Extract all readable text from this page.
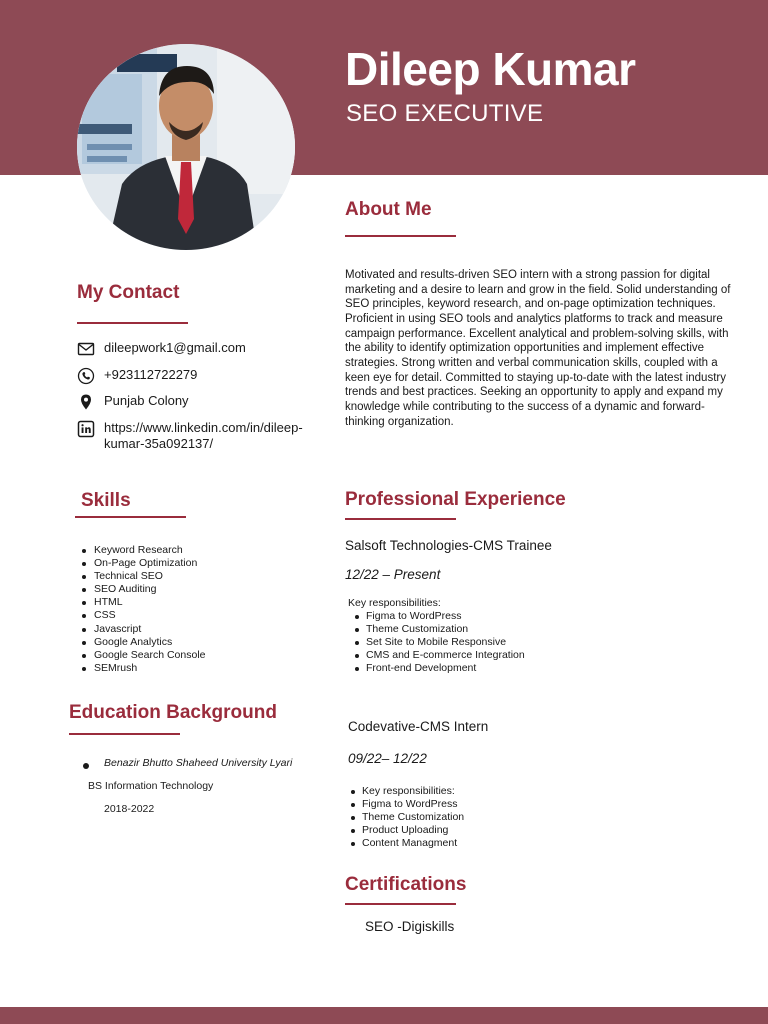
Dileep Kumar
SEO EXECUTIVE
About Me
Motivated and results-driven SEO intern with a strong passion for digital marketing and a desire to learn and grow in the field. Solid understanding of SEO principles, keyword research, and on-page optimization techniques. Proficient in using SEO tools and analytics platforms to track and measure campaign performance. Excellent analytical and problem-solving skills, with the ability to identify optimization opportunities and implement effective strategies. Strong written and verbal communication skills, coupled with a keen eye for detail. Committed to staying up-to-date with the latest industry trends and best practices. Seeking an opportunity to apply and expand my knowledge while contributing to the success of a dynamic and forward-thinking organization.
My Contact
dileepwork1@gmail.com
+923112722279
Punjab Colony
https://www.linkedin.com/in/dileep-kumar-35a092137/
Skills
Keyword Research
On-Page Optimization
Technical SEO
SEO Auditing
HTML
CSS
Javascript
Google Analytics
Google Search Console
SEMrush
Education Background
Benazir Bhutto Shaheed University Lyari
BS Information Technology
2018-2022
Professional Experience
Salsoft Technologies-CMS Trainee
12/22 – Present
Key responsibilities:
Figma to WordPress
Theme Customization
Set Site to Mobile Responsive
CMS and E-commerce Integration
Front-end Development
Codevative-CMS Intern
09/22– 12/22
Key responsibilities:
Figma to WordPress
Theme Customization
Product Uploading
Content Managment
Certifications
SEO -Digiskills
